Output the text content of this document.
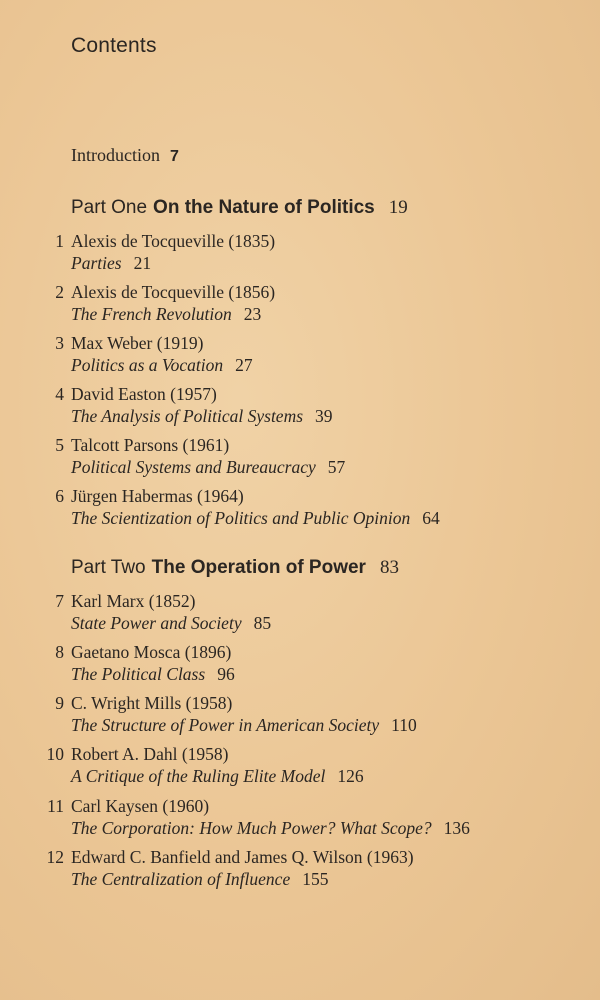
Contents
Introduction 7
Part One On the Nature of Politics 19
1 Alexis de Tocqueville (1835)
Parties 21
2 Alexis de Tocqueville (1856)
The French Revolution 23
3 Max Weber (1919)
Politics as a Vocation 27
4 David Easton (1957)
The Analysis of Political Systems 39
5 Talcott Parsons (1961)
Political Systems and Bureaucracy 57
6 Jürgen Habermas (1964)
The Scientization of Politics and Public Opinion 64
Part Two The Operation of Power 83
7 Karl Marx (1852)
State Power and Society 85
8 Gaetano Mosca (1896)
The Political Class 96
9 C. Wright Mills (1958)
The Structure of Power in American Society 110
10 Robert A. Dahl (1958)
A Critique of the Ruling Elite Model 126
11 Carl Kaysen (1960)
The Corporation: How Much Power? What Scope? 136
12 Edward C. Banfield and James Q. Wilson (1963)
The Centralization of Influence 155
